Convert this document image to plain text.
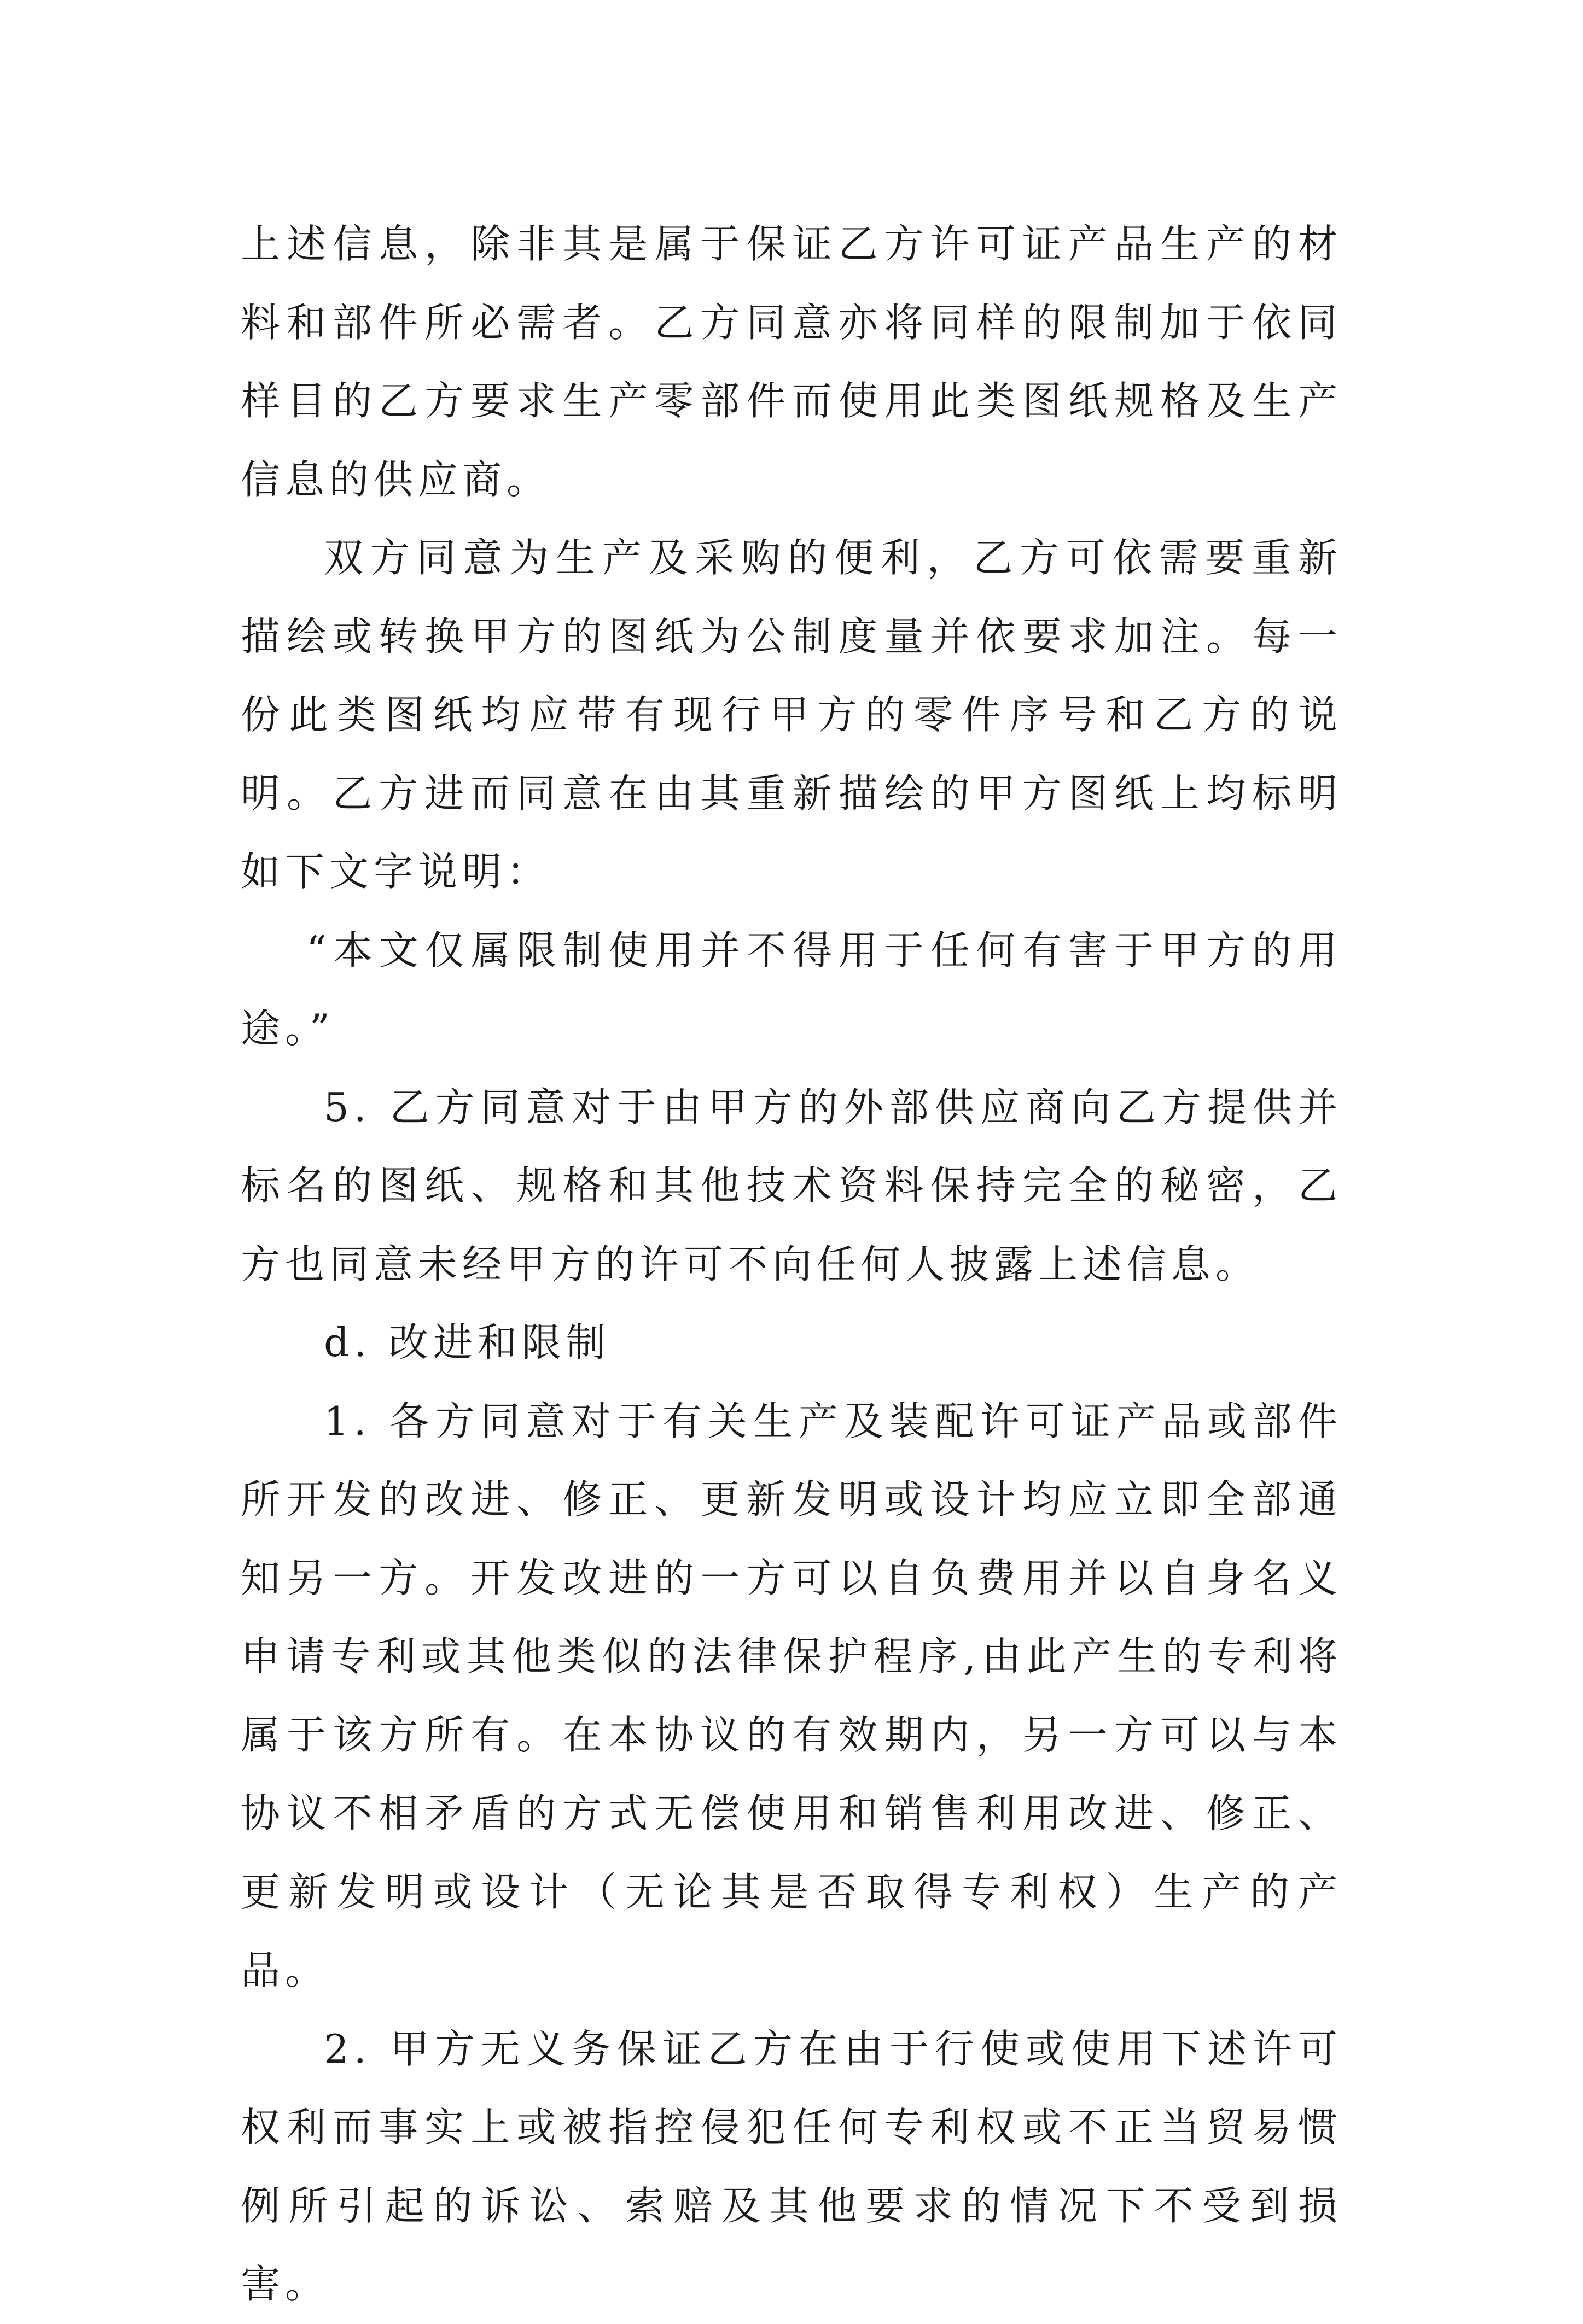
上述信息，除非其是属于保证乙方许可证产品生产的材料和部件所必需者。乙方同意亦将同样的限制加于依同样目的乙方要求生产零部件而使用此类图纸规格及生产信息的供应商。

双方同意为生产及采购的便利，乙方可依需要重新描绘或转换甲方的图纸为公制度量并依要求加注。每一份此类图纸均应带有现行甲方的零件序号和乙方的说明。乙方进而同意在由其重新描绘的甲方图纸上均标明如下文字说明：

“本文仅属限制使用并不得用于任何有害于甲方的用途。”

5. 乙方同意对于由甲方的外部供应商向乙方提供并标名的图纸、规格和其他技术资料保持完全的秘密，乙方也同意未经甲方的许可不向任何人披露上述信息。

d. 改进和限制

1. 各方同意对于有关生产及装配许可证产品或部件所开发的改进、修正、更新发明或设计均应立即全部通知另一方。开发改进的一方可以自负费用并以自身名义申请专利或其他类似的法律保护程序,由此产生的专利将属于该方所有。在本协议的有效期内，另一方可以与本协议不相矛盾的方式无偿使用和销售利用改进、修正、更新发明或设计（无论其是否取得专利权）生产的产品。

2. 甲方无义务保证乙方在由于行使或使用下述许可权利而事实上或被指控侵犯任何专利权或不正当贸易惯例所引起的诉讼、索赔及其他要求的情况下不受到损害。
